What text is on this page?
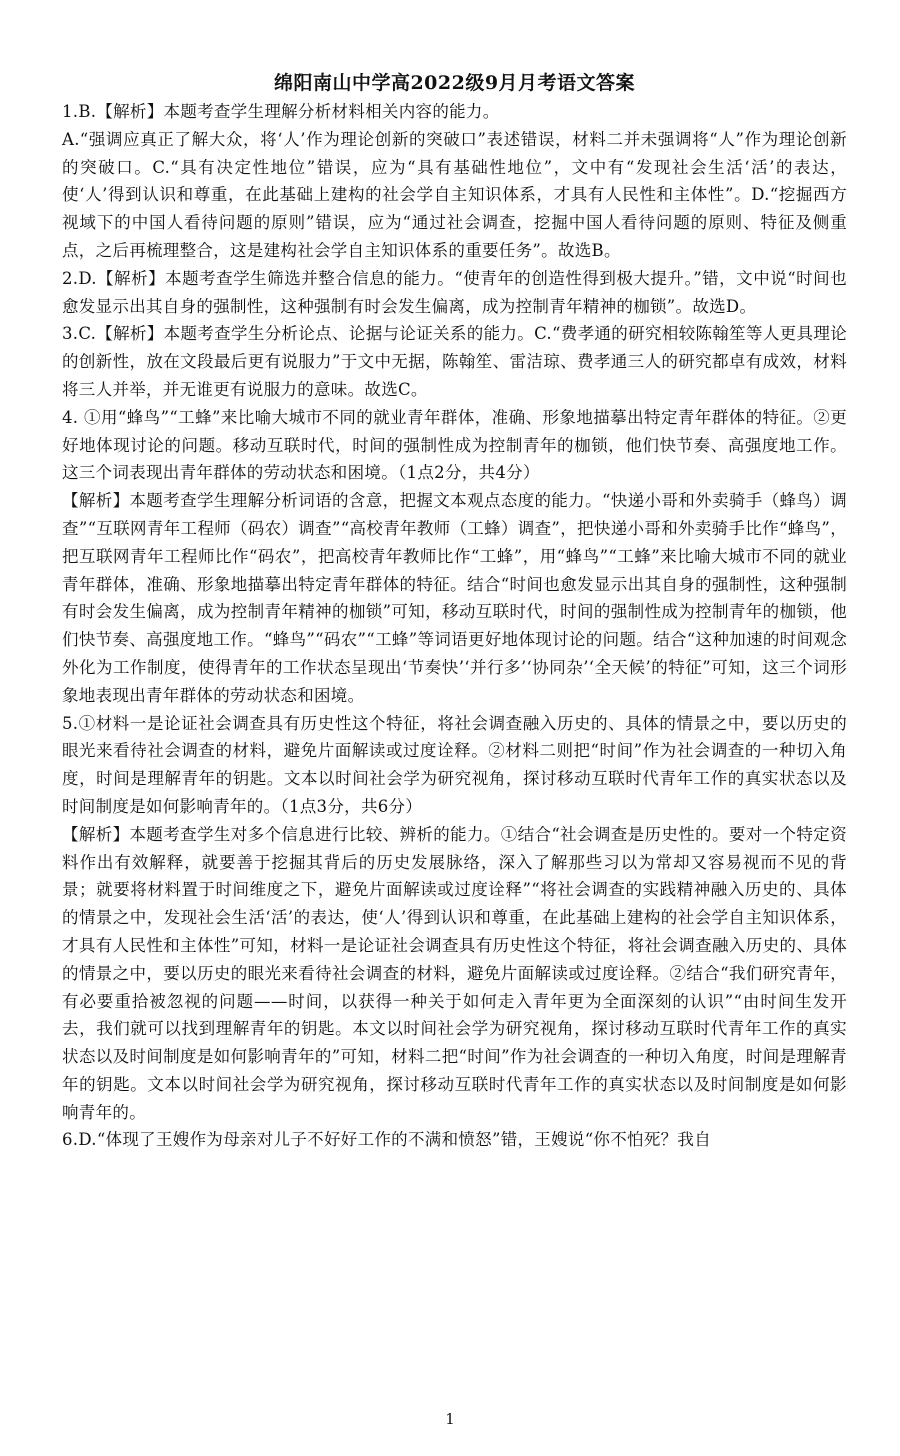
绵阳南山中学高2022级9月月考语文答案

1.B.【解析】本题考查学生理解分析材料相关内容的能力。

A.“强调应真正了解大众，将‘人’作为理论创新的突破口”表述错误，材料二并未强调将“人”作为理论创新的突破口。C.“具有决定性地位”错误，应为“具有基础性地位”，文中有“发现社会生活‘活’的表达，使‘人’得到认识和尊重，在此基础上建构的社会学自主知识体系，才具有人民性和主体性”。D.“挖掘西方视域下的中国人看待问题的原则”错误，应为“通过社会调查，挖掘中国人看待问题的原则、特征及侧重点，之后再梳理整合，这是建构社会学自主知识体系的重要任务”。故选B。

2.D.【解析】本题考查学生筛选并整合信息的能力。“使青年的创造性得到极大提升。”错，文中说“时间也愈发显示出其自身的强制性，这种强制有时会发生偏离，成为控制青年精神的枷锁”。故选D。

3.C.【解析】本题考查学生分析论点、论据与论证关系的能力。C.“费孝通的研究相较陈翰笙等人更具理论的创新性，放在文段最后更有说服力”于文中无据，陈翰笙、雷洁琼、费孝通三人的研究都卓有成效，材料将三人并举，并无谁更有说服力的意味。故选C。

4. ①用“蜂鸟”“工蜂”来比喻大城市不同的就业青年群体，准确、形象地描摹出特定青年群体的特征。②更好地体现讨论的问题。移动互联时代，时间的强制性成为控制青年的枷锁，他们快节奏、高强度地工作。这三个词表现出青年群体的劳动状态和困境。（1点2分，共4分）

【解析】本题考查学生理解分析词语的含意，把握文本观点态度的能力。“快递小哥和外卖骑手（蜂鸟）调查”“互联网青年工程师（码农）调查”“高校青年教师（工蜂）调查”，把快递小哥和外卖骑手比作“蜂鸟”，把互联网青年工程师比作“码农”，把高校青年教师比作“工蜂”，用“蜂鸟”“工蜂”来比喻大城市不同的就业青年群体，准确、形象地描摹出特定青年群体的特征。结合“时间也愈发显示出其自身的强制性，这种强制有时会发生偏离，成为控制青年精神的枷锁”可知，移动互联时代，时间的强制性成为控制青年的枷锁，他们快节奏、高强度地工作。“蜂鸟”“码农”“工蜂”等词语更好地体现讨论的问题。结合“这种加速的时间观念外化为工作制度，使得青年的工作状态呈现出‘节奏快’‘并行多’‘协同杂’‘全天候’的特征”可知，这三个词形象地表现出青年群体的劳动状态和困境。

5.①材料一是论证社会调查具有历史性这个特征，将社会调查融入历史的、具体的情景之中，要以历史的眼光来看待社会调查的材料，避免片面解读或过度诠释。②材料二则把“时间”作为社会调查的一种切入角度，时间是理解青年的钥匙。文本以时间社会学为研究视角，探讨移动互联时代青年工作的真实状态以及时间制度是如何影响青年的。（1点3分，共6分）

【解析】本题考查学生对多个信息进行比较、辨析的能力。①结合“社会调查是历史性的。要对一个特定资料作出有效解释，就要善于挖掘其背后的历史发展脉络，深入了解那些习以为常却又容易视而不见的背景；就要将材料置于时间维度之下，避免片面解读或过度诠释”“将社会调查的实践精神融入历史的、具体的情景之中，发现社会生活‘活’的表达，使‘人’得到认识和尊重，在此基础上建构的社会学自主知识体系，才具有人民性和主体性”可知，材料一是论证社会调查具有历史性这个特征，将社会调查融入历史的、具体的情景之中，要以历史的眼光来看待社会调查的材料，避免片面解读或过度诠释。②结合“我们研究青年，有必要重拾被忽视的问题——时间，以获得一种关于如何走入青年更为全面深刻的认识”“由时间生发开去，我们就可以找到理解青年的钥匙。本文以时间社会学为研究视角，探讨移动互联时代青年工作的真实状态以及时间制度是如何影响青年的”可知，材料二把“时间”作为社会调查的一种切入角度，时间是理解青年的钥匙。文本以时间社会学为研究视角，探讨移动互联时代青年工作的真实状态以及时间制度是如何影响青年的。

6.D.“体现了王嫂作为母亲对儿子不好好工作的不满和愤怒”错，王嫂说“你不怕死？我自

1
